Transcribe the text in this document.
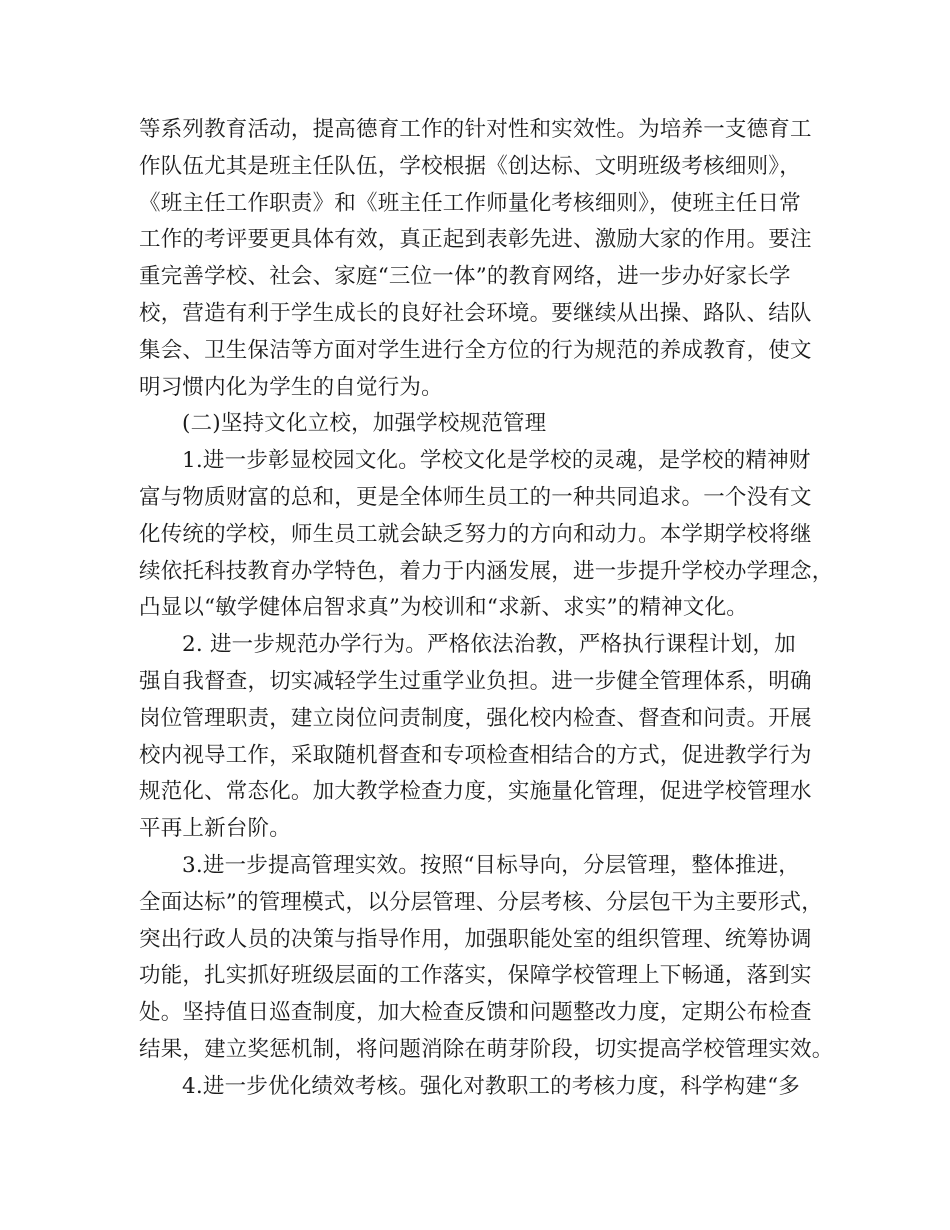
等系列教育活动，提高德育工作的针对性和实效性。为培养一支德育工
作队伍尤其是班主任队伍，学校根据《创达标、文明班级考核细则》，
《班主任工作职责》和《班主任工作师量化考核细则》，使班主任日常
工作的考评要更具体有效，真正起到表彰先进、激励大家的作用。要注
重完善学校、社会、家庭“三位一体”的教育网络，进一步办好家长学
校，营造有利于学生成长的良好社会环境。要继续从出操、路队、结队
集会、卫生保洁等方面对学生进行全方位的行为规范的养成教育，使文
明习惯内化为学生的自觉行为。
(二)坚持文化立校，加强学校规范管理
1.进一步彰显校园文化。学校文化是学校的灵魂，是学校的精神财
富与物质财富的总和，更是全体师生员工的一种共同追求。一个没有文
化传统的学校，师生员工就会缺乏努力的方向和动力。本学期学校将继
续依托科技教育办学特色，着力于内涵发展，进一步提升学校办学理念，
凸显以“敏学健体启智求真”为校训和“求新、求实”的精神文化。
2. 进一步规范办学行为。严格依法治教，严格执行课程计划，加
强自我督查，切实减轻学生过重学业负担。进一步健全管理体系，明确
岗位管理职责，建立岗位问责制度，强化校内检查、督查和问责。开展
校内视导工作，采取随机督查和专项检查相结合的方式，促进教学行为
规范化、常态化。加大教学检查力度，实施量化管理，促进学校管理水
平再上新台阶。
3.进一步提高管理实效。按照“目标导向，分层管理，整体推进，
全面达标”的管理模式，以分层管理、分层考核、分层包干为主要形式，
突出行政人员的决策与指导作用，加强职能处室的组织管理、统筹协调
功能，扎实抓好班级层面的工作落实，保障学校管理上下畅通，落到实
处。坚持值日巡查制度，加大检查反馈和问题整改力度，定期公布检查
结果，建立奖惩机制，将问题消除在萌芽阶段，切实提高学校管理实效。
4.进一步优化绩效考核。强化对教职工的考核力度，科学构建“多
